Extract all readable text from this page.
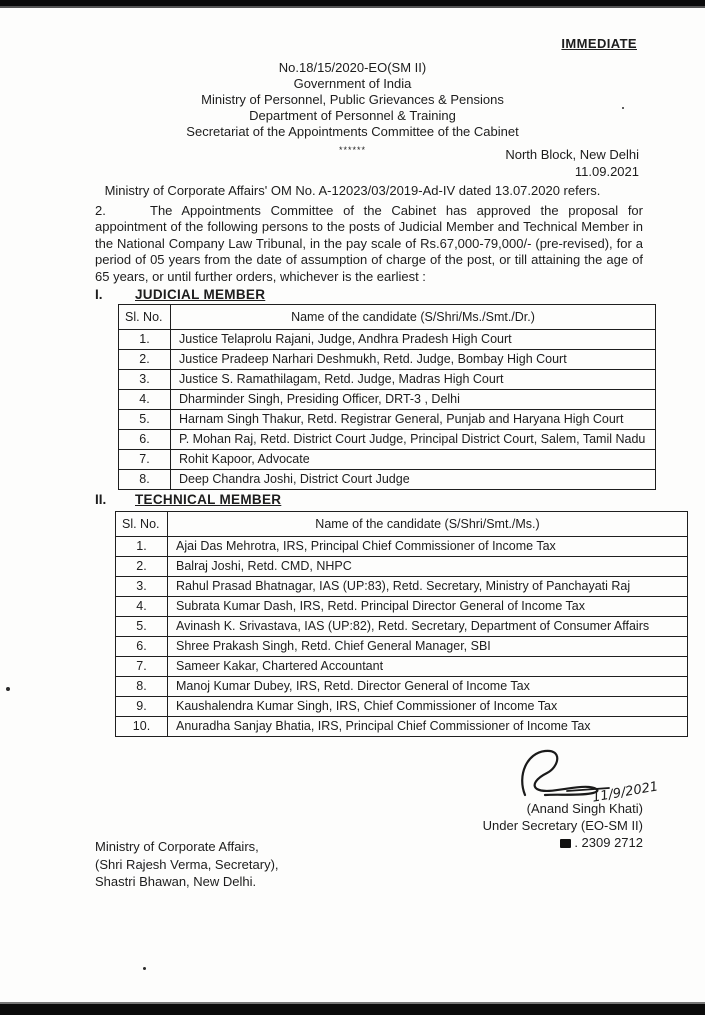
IMMEDIATE
No.18/15/2020-EO(SM II)
Government of India
Ministry of Personnel, Public Grievances & Pensions
Department of Personnel & Training
Secretariat of the Appointments Committee of the Cabinet
******	North Block, New Delhi
11.09.2021
Ministry of Corporate Affairs' OM No. A-12023/03/2019-Ad-IV dated 13.07.2020 refers.
2.	The Appointments Committee of the Cabinet has approved the proposal for appointment of the following persons to the posts of Judicial Member and Technical Member in the National Company Law Tribunal, in the pay scale of Rs.67,000-79,000/- (pre-revised), for a period of 05 years from the date of assumption of charge of the post, or till attaining the age of 65 years, or until further orders, whichever is the earliest :
I. JUDICIAL MEMBER
Sl. No.	Name of the candidate (S/Shri/Ms./Smt./Dr.)
1.	Justice Telaprolu Rajani, Judge, Andhra Pradesh High Court
2.	Justice Pradeep Narhari Deshmukh, Retd. Judge, Bombay High Court
3.	Justice S. Ramathilagam, Retd. Judge, Madras High Court
4.	Dharminder Singh, Presiding Officer, DRT-3 , Delhi
5.	Harnam Singh Thakur, Retd. Registrar General, Punjab and Haryana High Court
6.	P. Mohan Raj, Retd. District Court Judge, Principal District Court, Salem, Tamil Nadu
7.	Rohit Kapoor, Advocate
8.	Deep Chandra Joshi, District Court Judge
II. TECHNICAL MEMBER
Sl. No.	Name of the candidate (S/Shri/Smt./Ms.)
1.	Ajai Das Mehrotra, IRS, Principal Chief Commissioner of Income Tax
2.	Balraj Joshi, Retd. CMD, NHPC
3.	Rahul Prasad Bhatnagar, IAS (UP:83), Retd. Secretary, Ministry of Panchayati Raj
4.	Subrata Kumar Dash, IRS, Retd. Principal Director General of Income Tax
5.	Avinash K. Srivastava, IAS (UP:82), Retd. Secretary, Department of Consumer Affairs
6.	Shree Prakash Singh, Retd. Chief General Manager, SBI
7.	Sameer Kakar, Chartered Accountant
8.	Manoj Kumar Dubey, IRS, Retd. Director General of Income Tax
9.	Kaushalendra Kumar Singh, IRS, Chief Commissioner of Income Tax
10.	Anuradha Sanjay Bhatia, IRS, Principal Chief Commissioner of Income Tax
11/9/2021
(Anand Singh Khati)
Under Secretary (EO-SM II)
. 2309 2712
Ministry of Corporate Affairs,
(Shri Rajesh Verma, Secretary),
Shastri Bhawan, New Delhi.
